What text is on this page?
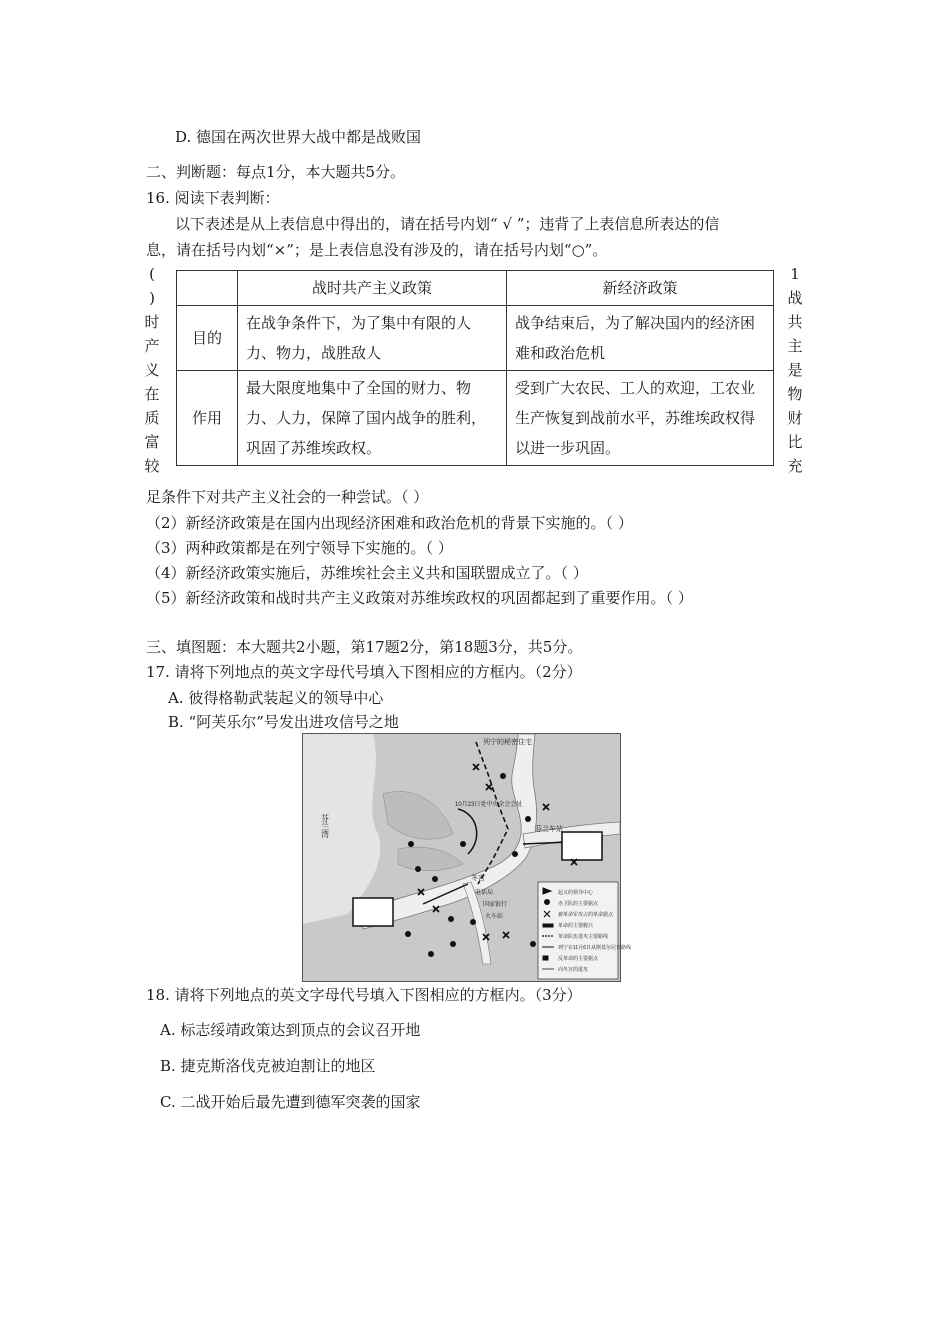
D. 德国在两次世界大战中都是战败国
二、判断题：每点1分，本大题共5分。
16. 阅读下表判断：
以下表述是从上表信息中得出的，请在括号内划“ √ ”；违背了上表信息所表达的信
息，请在括号内划“×”；是上表信息没有涉及的，请在括号内划“○”。
(
)
时
产
义
在
质
富
较
1
战
共
主
是
物
财
比
充
	战时共产主义政策	新经济政策
目的	在战争条件下，为了集中有限的人力、物力，战胜敌人	战争结束后，为了解决国内的经济困难和政治危机
作用	最大限度地集中了全国的财力、物力、人力，保障了国内战争的胜利，巩固了苏维埃政权。	受到广大农民、工人的欢迎，工农业生产恢复到战前水平，苏维埃政权得以进一步巩固。
足条件下对共产主义社会的一种尝试。（ ）
（2）新经济政策是在国内出现经济困难和政治危机的背景下实施的。（ ）
（3）两种政策都是在列宁领导下实施的。（ ）
（4）新经济政策实施后，苏维埃社会主义共和国联盟成立了。（ ）
（5）新经济政策和战时共产主义政策对苏维埃政权的巩固都起到了重要作用。（ ）
三、填图题：本大题共2小题，第17题2分，第18题3分，共5分。
17. 请将下列地点的英文字母代号填入下图相应的方框内。（2分）
A. 彼得格勒武装起义的领导中心
B. “阿芙乐尔”号发出进攻信号之地
列宁的秘密住宅
10月23日党中央全会会址
芬兰车站
芬兰湾
冬宫
电话局
国家银行
火车站
起义的领导中心
赤卫队的主要据点
被革命军攻占的革命据点
革命的主要舰只
革命队伍进攻主要路线
列宁在11月6日从斯莫尔尼宫路线
反革命的主要据点
向冬宫的进攻
18. 请将下列地点的英文字母代号填入下图相应的方框内。（3分）
A. 标志绥靖政策达到顶点的会议召开地
B. 捷克斯洛伐克被迫割让的地区
C. 二战开始后最先遭到德军突袭的国家
